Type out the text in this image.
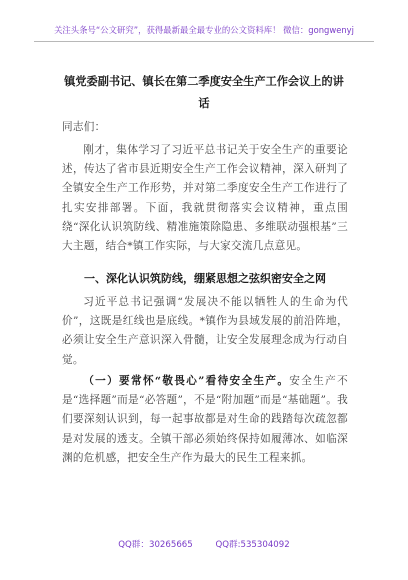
关注头条号“公文研究”，获得最新最全最专业的公文资料库！ 微信：gongwenyj
镇党委副书记、镇长在第二季度安全生产工作会议上的讲话
同志们：

刚才，集体学习了习近平总书记关于安全生产的重要论述，传达了省市县近期安全生产工作会议精神，深入研判了全镇安全生产工作形势，并对第二季度安全生产工作进行了扎实安排部署。下面，我就贯彻落实会议精神，重点围绕“深化认识筑防线、精准施策除隐患、多维联动强根基”三大主题，结合*镇工作实际，与大家交流几点意见。

一、深化认识筑防线，绷紧思想之弦织密安全之网

习近平总书记强调“发展决不能以牺牲人的生命为代价”，这既是红线也是底线。*镇作为县域发展的前沿阵地，必须让安全生产意识深入骨髓，让安全发展理念成为行动自觉。

（一）要常怀“敬畏心”看待安全生产。安全生产不是“选择题”而是“必答题”，不是“附加题”而是“基础题”。我们要深刻认识到，每一起事故都是对生命的践踏每次疏忽都是对发展的透支。全镇干部必须始终保持如履薄冰、如临深渊的危机感，把安全生产作为最大的民生工程来抓。

QQ群：30265665	QQ群:535304092
